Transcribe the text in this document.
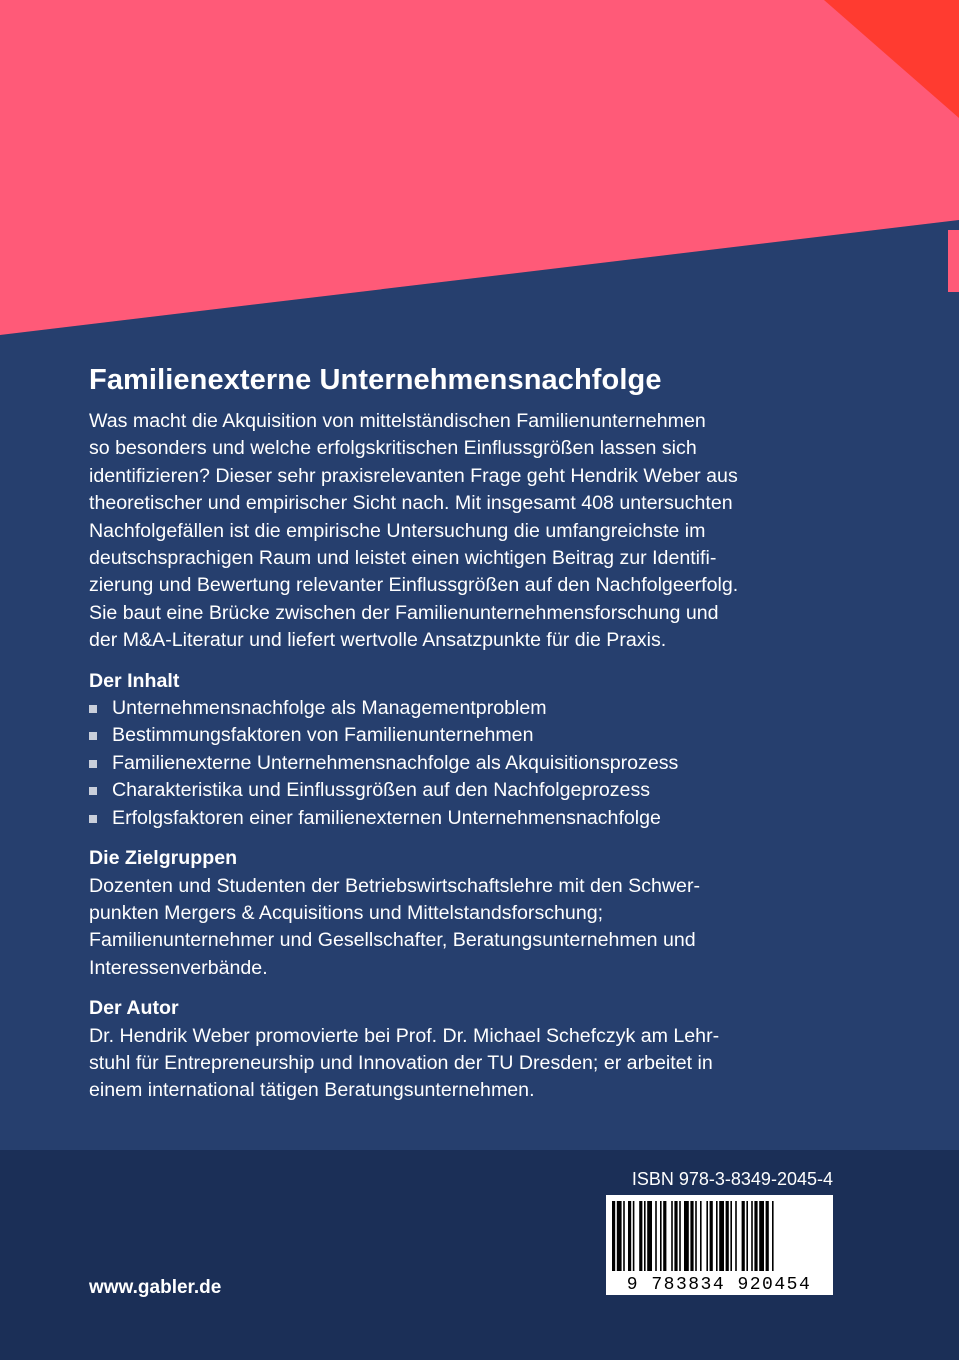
Familienexterne Unternehmensnachfolge

Was macht die Akquisition von mittelständischen Familienunternehmen
so besonders und welche erfolgskritischen Einflussgrößen lassen sich
identifizieren? Dieser sehr praxisrelevanten Frage geht Hendrik Weber aus
theoretischer und empirischer Sicht nach. Mit insgesamt 408 untersuchten
Nachfolgefällen ist die empirische Untersuchung die umfangreichste im
deutschsprachigen Raum und leistet einen wichtigen Beitrag zur Identifi-
zierung und Bewertung relevanter Einflussgrößen auf den Nachfolgeerfolg.
Sie baut eine Brücke zwischen der Familienunternehmensforschung und
der M&A-Literatur und liefert wertvolle Ansatzpunkte für die Praxis.

Der Inhalt

Unternehmensnachfolge als Managementproblem
Bestimmungsfaktoren von Familienunternehmen
Familienexterne Unternehmensnachfolge als Akquisitionsprozess
Charakteristika und Einflussgrößen auf den Nachfolgeprozess
Erfolgsfaktoren einer familienexternen Unternehmensnachfolge

Die Zielgruppen

Dozenten und Studenten der Betriebswirtschaftslehre mit den Schwer-
punkten Mergers & Acquisitions und Mittelstandsforschung;
Familienunternehmer und Gesellschafter, Beratungsunternehmen und
Interessenverbände.

Der Autor

Dr. Hendrik Weber promovierte bei Prof. Dr. Michael Schefczyk am Lehr-
stuhl für Entrepreneurship und Innovation der TU Dresden; er arbeitet in
einem international tätigen Beratungsunternehmen.

www.gabler.de
ISBN 978-3-8349-2045-4
9 783834 920454
